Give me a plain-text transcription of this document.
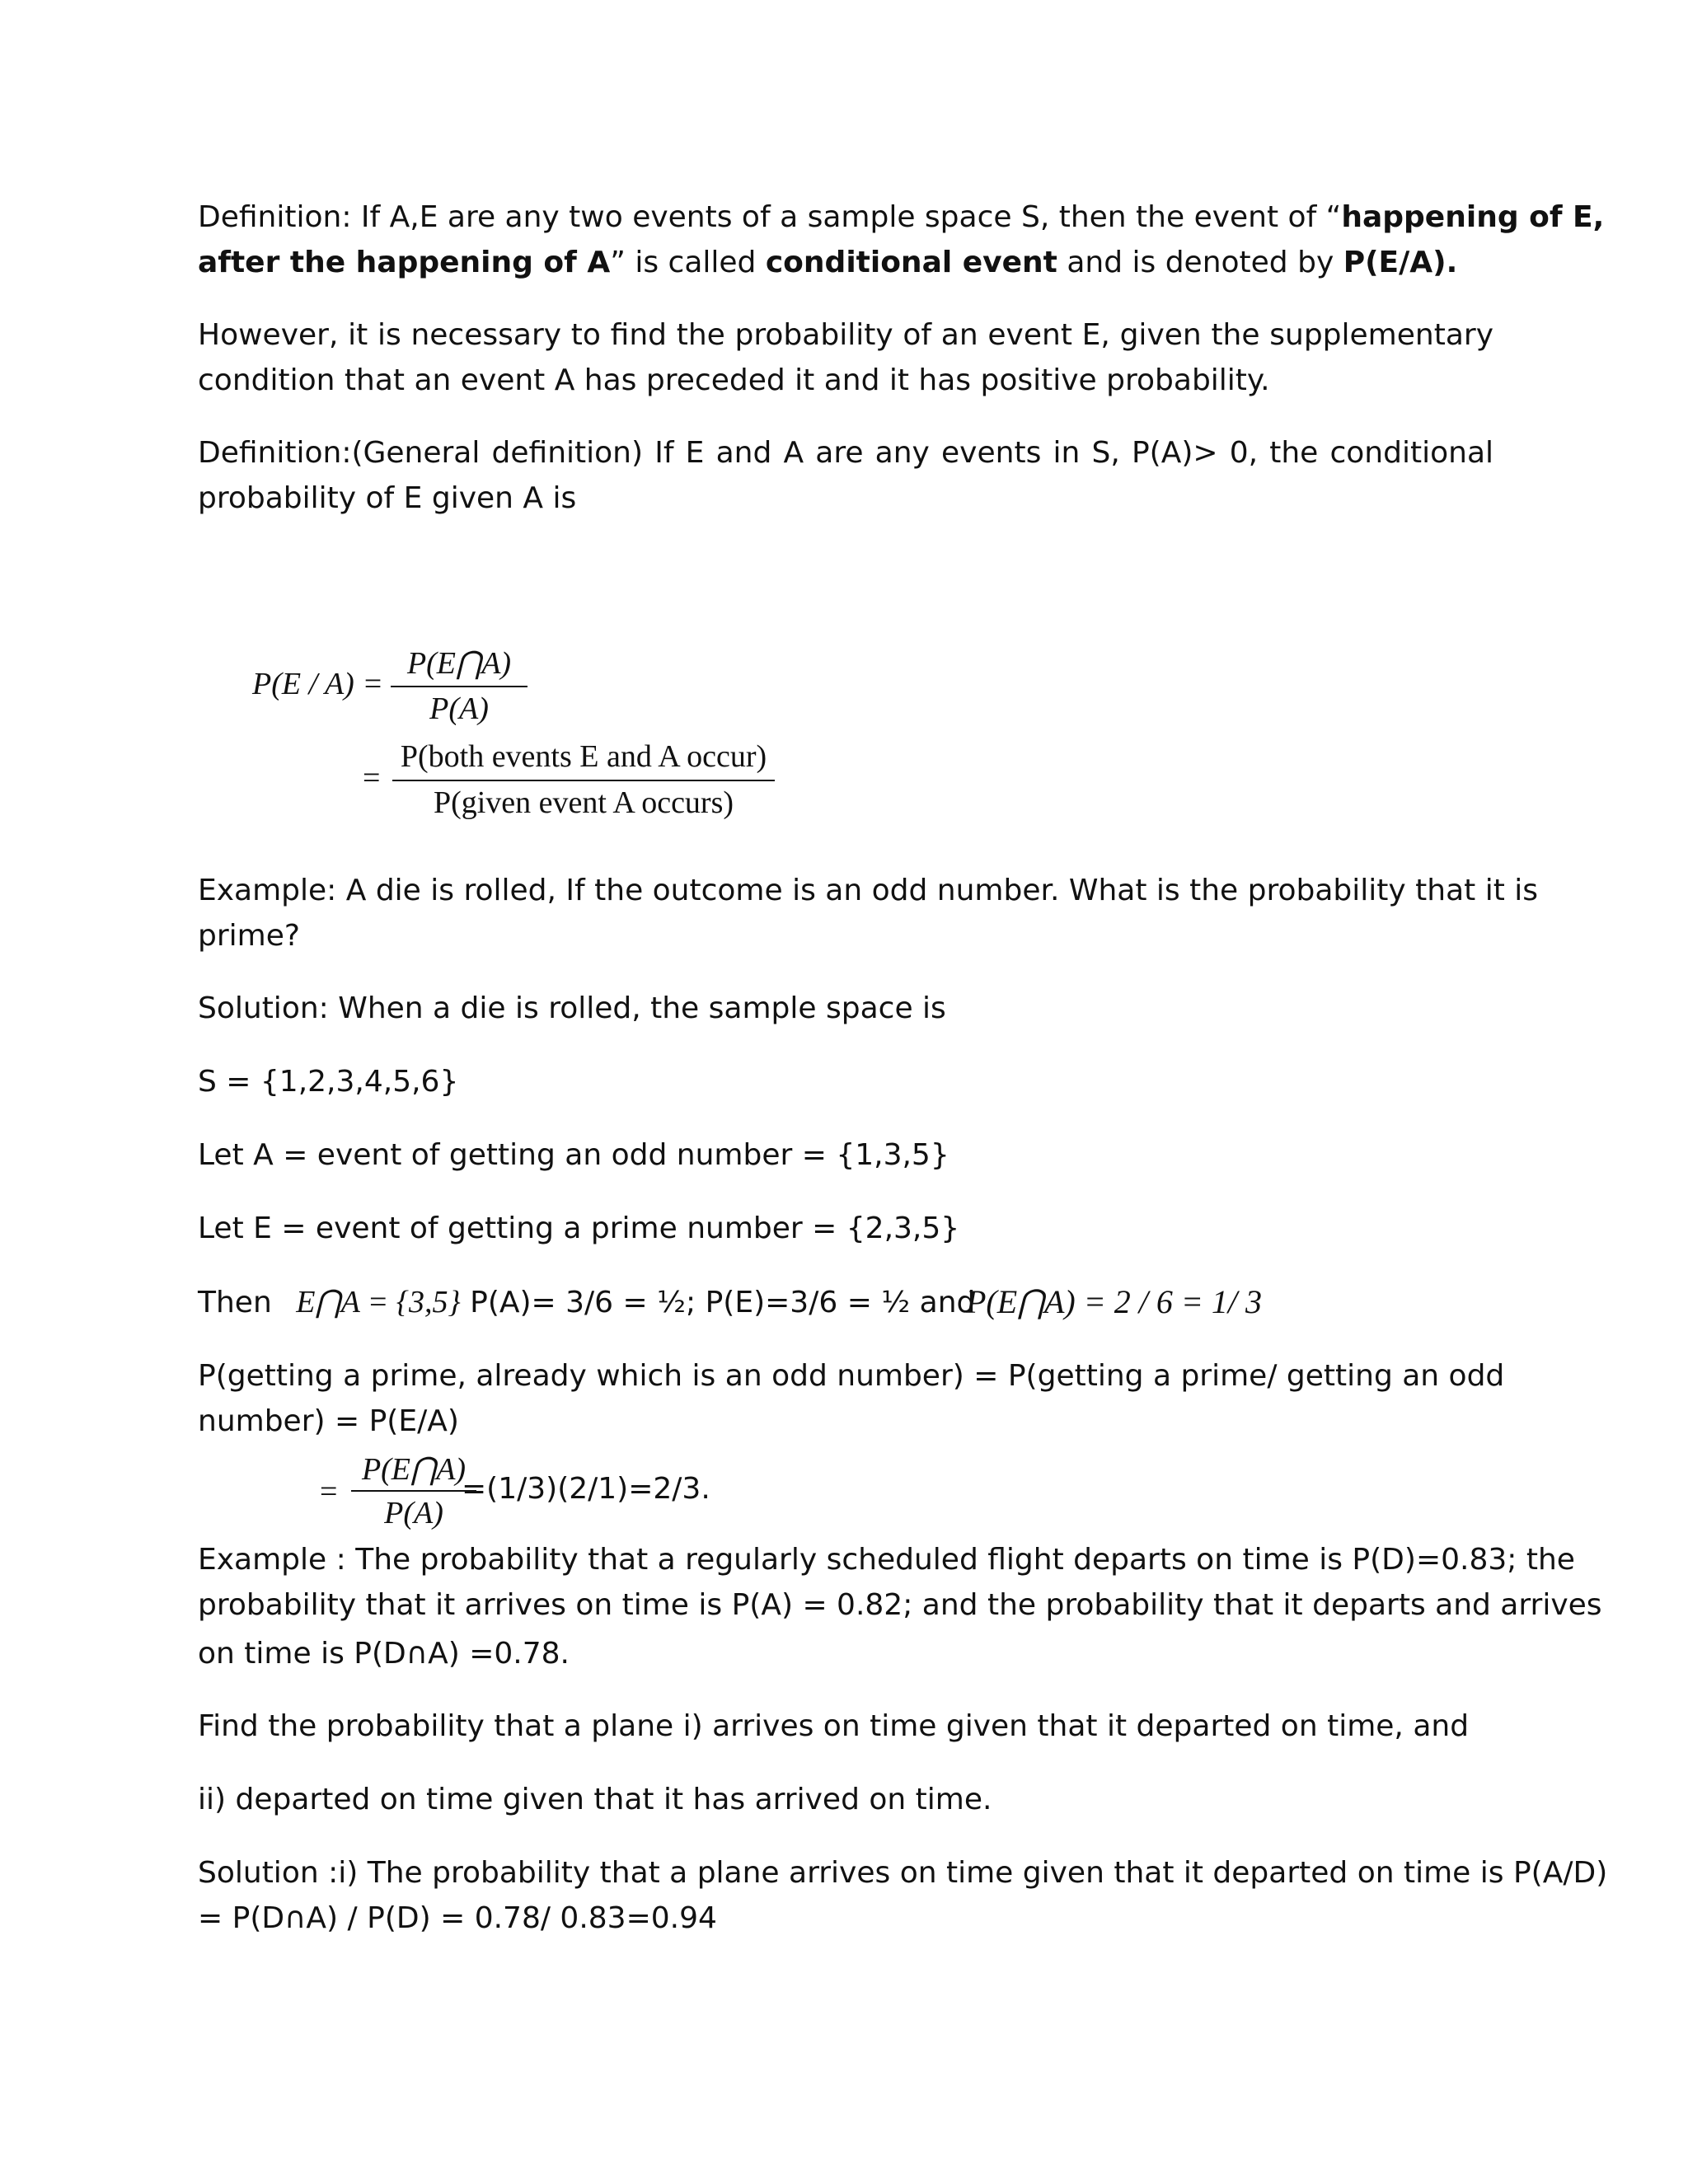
Definition: If A,E are any two events of a sample space S, then the event of “happening of E,
after the happening of A” is called conditional event and is denoted by P(E/A).
However, it is necessary to find the probability of an event E, given the supplementary
condition that an event A has preceded it and it has positive probability.
Definition:(General definition) If E and A are any events in S, P(A)> 0, the conditional
probability of E given A is
P(E / A) =
P(E⋂A)
P(A)
=
P(both events E and A occur)
P(given event A occurs)
Example: A die is rolled, If the outcome is an odd number. What is the probability that it is
prime?
Solution: When a die is rolled, the sample space is
S = {1,2,3,4,5,6}
Let A = event of getting an odd number = {1,3,5}
Let E = event of getting a prime number = {2,3,5}
Then E⋂A = {3,5} P(A)= 3/6 = ½; P(E)=3/6 = ½ and
P(E⋂A) = 2 / 6 = 1/ 3
P(getting a prime, already which is an odd number) = P(getting a prime/ getting an odd
number) = P(E/A)
=
P(E⋂A)
P(A)
=(1/3)(2/1)=2/3.
Example : The probability that a regularly scheduled flight departs on time is P(D)=0.83; the
probability that it arrives on time is P(A) = 0.82; and the probability that it departs and arrives
on time is P(D∩A) =0.78.
Find the probability that a plane i) arrives on time given that it departed on time, and
ii) departed on time given that it has arrived on time.
Solution :i) The probability that a plane arrives on time given that it departed on time is P(A/D)
= P(D∩A) / P(D) = 0.78/ 0.83=0.94
